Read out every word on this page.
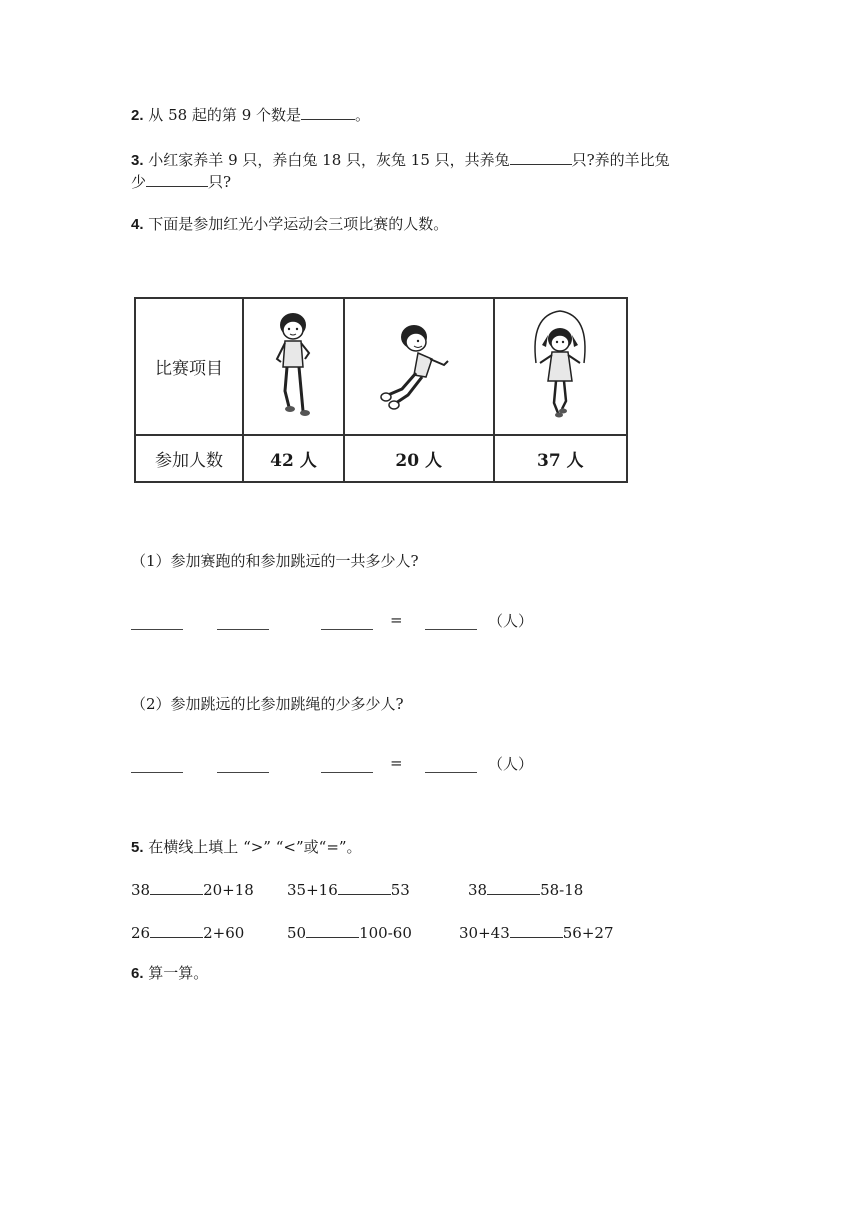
2. 从 58 起的第 9 个数是	。
3. 小红家养羊 9 只，养白兔 18 只，灰兔 15 只，共养兔	只?养的羊比兔
少	只?
4. 下面是参加红光小学运动会三项比赛的人数。
比赛项目			
参加人数	42 人	20 人	37 人
（1）参加赛跑的和参加跳远的一共多少人?
=	（人）
（2）参加跳远的比参加跳绳的少多少人?
=	（人）
5. 在横线上填上 “>” “<”或“=”。
38	20+18 35+16	53	38	58-18
26	2+60	50	100-60	30+43	56+27
6. 算一算。
